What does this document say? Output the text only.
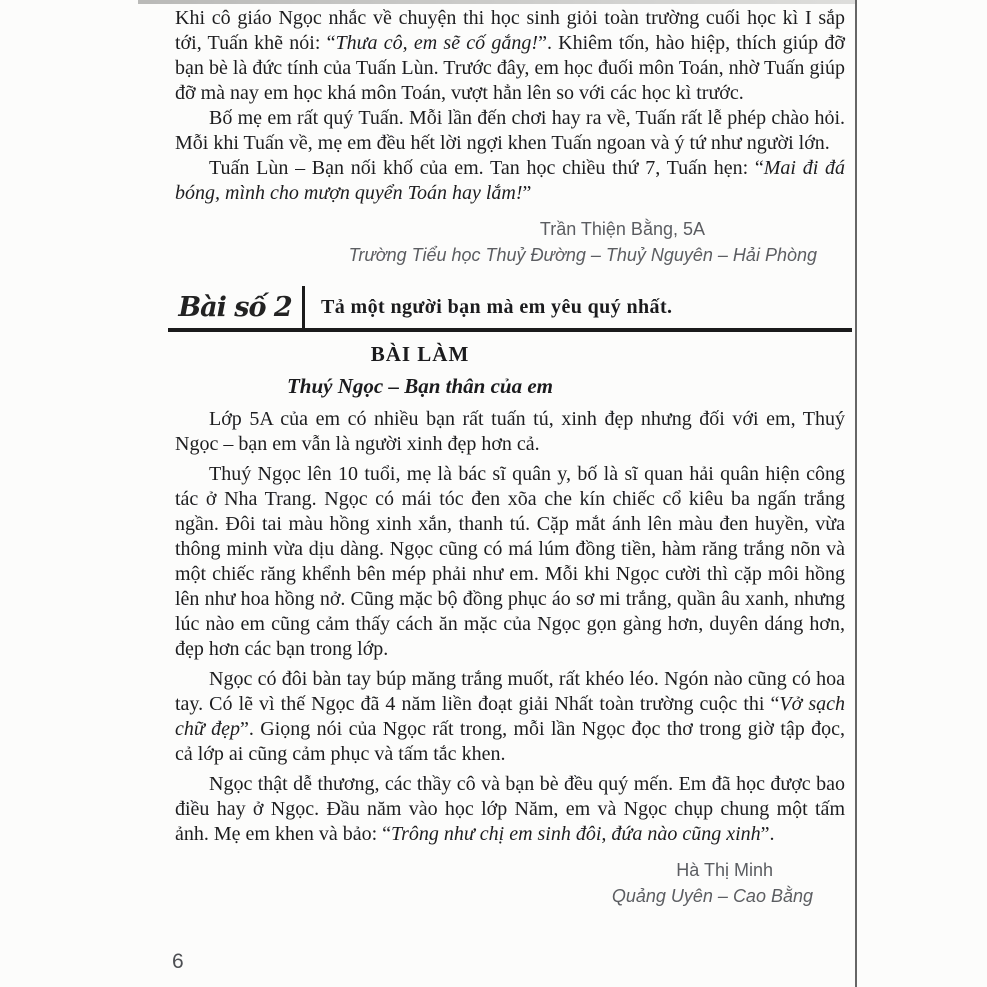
Khi cô giáo Ngọc nhắc về chuyện thi học sinh giỏi toàn trường cuối học kì I sắp tới, Tuấn khẽ nói: “Thưa cô, em sẽ cố gắng!”. Khiêm tốn, hào hiệp, thích giúp đỡ bạn bè là đức tính của Tuấn Lùn. Trước đây, em học đuối môn Toán, nhờ Tuấn giúp đỡ mà nay em học khá môn Toán, vượt hẳn lên so với các học kì trước.

Bố mẹ em rất quý Tuấn. Mỗi lần đến chơi hay ra về, Tuấn rất lễ phép chào hỏi. Mỗi khi Tuấn về, mẹ em đều hết lời ngợi khen Tuấn ngoan và ý tứ như người lớn.

Tuấn Lùn – Bạn nối khố của em. Tan học chiều thứ 7, Tuấn hẹn: “Mai đi đá bóng, mình cho mượn quyển Toán hay lắm!”

Trần Thiện Bằng, 5A
Trường Tiểu học Thuỷ Đường – Thuỷ Nguyên – Hải Phòng
Bài số 2	Tả một người bạn mà em yêu quý nhất.
BÀI LÀM
Thuý Ngọc – Bạn thân của em

Lớp 5A của em có nhiều bạn rất tuấn tú, xinh đẹp nhưng đối với em, Thuý Ngọc – bạn em vẫn là người xinh đẹp hơn cả.

Thuý Ngọc lên 10 tuổi, mẹ là bác sĩ quân y, bố là sĩ quan hải quân hiện công tác ở Nha Trang. Ngọc có mái tóc đen xõa che kín chiếc cổ kiêu ba ngấn trắng ngần. Đôi tai màu hồng xinh xắn, thanh tú. Cặp mắt ánh lên màu đen huyền, vừa thông minh vừa dịu dàng. Ngọc cũng có má lúm đồng tiền, hàm răng trắng nõn và một chiếc răng khểnh bên mép phải như em. Mỗi khi Ngọc cười thì cặp môi hồng lên như hoa hồng nở. Cũng mặc bộ đồng phục áo sơ mi trắng, quần âu xanh, nhưng lúc nào em cũng cảm thấy cách ăn mặc của Ngọc gọn gàng hơn, duyên dáng hơn, đẹp hơn các bạn trong lớp.

Ngọc có đôi bàn tay búp măng trắng muốt, rất khéo léo. Ngón nào cũng có hoa tay. Có lẽ vì thế Ngọc đã 4 năm liền đoạt giải Nhất toàn trường cuộc thi “Vở sạch chữ đẹp”. Giọng nói của Ngọc rất trong, mỗi lần Ngọc đọc thơ trong giờ tập đọc, cả lớp ai cũng cảm phục và tấm tắc khen.

Ngọc thật dễ thương, các thầy cô và bạn bè đều quý mến. Em đã học được bao điều hay ở Ngọc. Đầu năm vào học lớp Năm, em và Ngọc chụp chung một tấm ảnh. Mẹ em khen và bảo: “Trông như chị em sinh đôi, đứa nào cũng xinh”.

Hà Thị Minh
Quảng Uyên – Cao Bằng
6
